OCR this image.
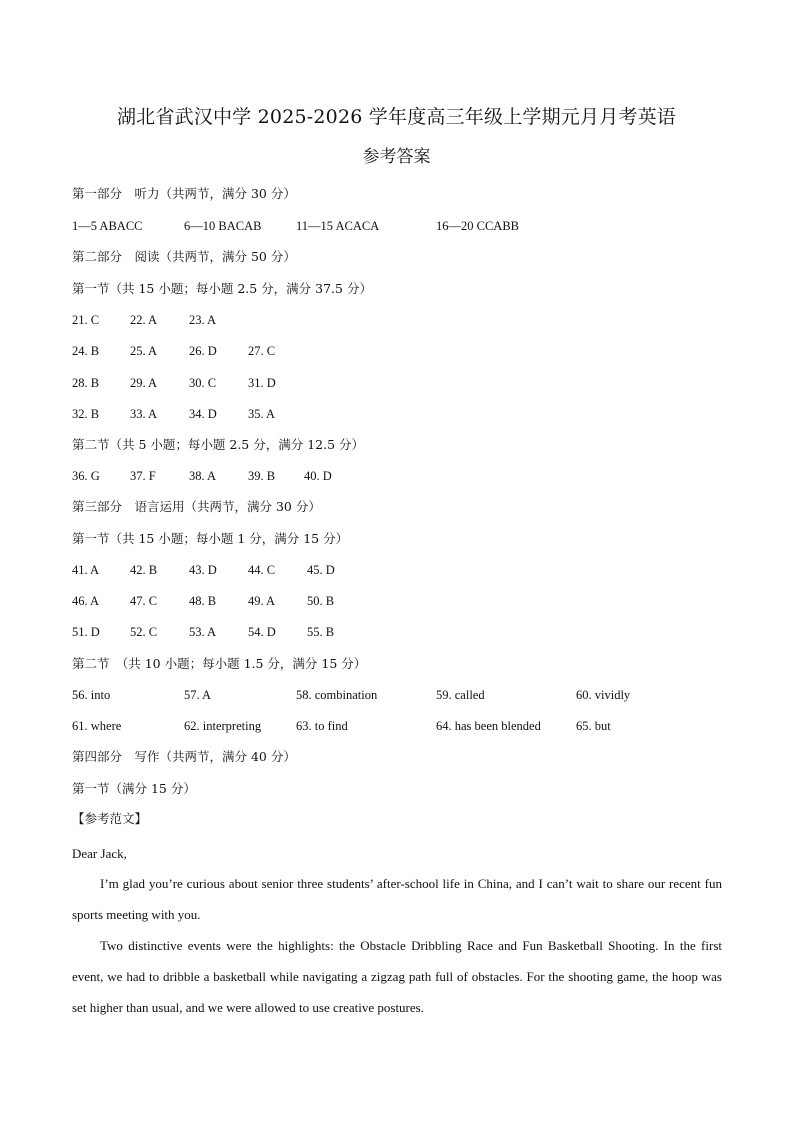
湖北省武汉中学 2025-2026 学年度高三年级上学期元月月考英语
参考答案
第一部分　听力（共两节，满分 30 分）
1—5 ABACC	6—10 BACAB	11—15 ACACA	16—20 CCABB
第二部分　阅读（共两节，满分 50 分）
第一节（共 15 小题；每小题 2.5 分，满分 37.5 分）
21. C 22. A	23. A
24. B 25. A	26. D 27. C
28. B 29. A	30. C	31. D
32. B 33. A	34. D 35. A
第二节（共 5 小题；每小题 2.5 分，满分 12.5 分）
36. G 37. F	38. A	39. B 40. D
第三部分　语言运用（共两节，满分 30 分）
第一节（共 15 小题；每小题 1 分，满分 15 分）
41. A 42. B	43. D 44. C	45. D
46. A 47. C	48. B	49. A	50. B
51. D 52. C	53. A	54. D 55. B
第二节　（共 10 小题；每小题 1.5 分，满分 15 分）
56. into	57. A	58. combination	59. called	60. vividly
61. where	62. interpreting	63. to find	64. has been blended	65. but
第四部分　写作（共两节，满分 40 分）
第一节（满分 15 分）
【参考范文】
Dear Jack,
I’m glad you’re curious about senior three students’ after-school life in China, and I can’t wait to share our recent fun sports meeting with you.
Two distinctive events were the highlights: the Obstacle Dribbling Race and Fun Basketball Shooting. In the first event, we had to dribble a basketball while navigating a zigzag path full of obstacles. For the shooting game, the hoop was set higher than usual, and we were allowed to use creative postures.
